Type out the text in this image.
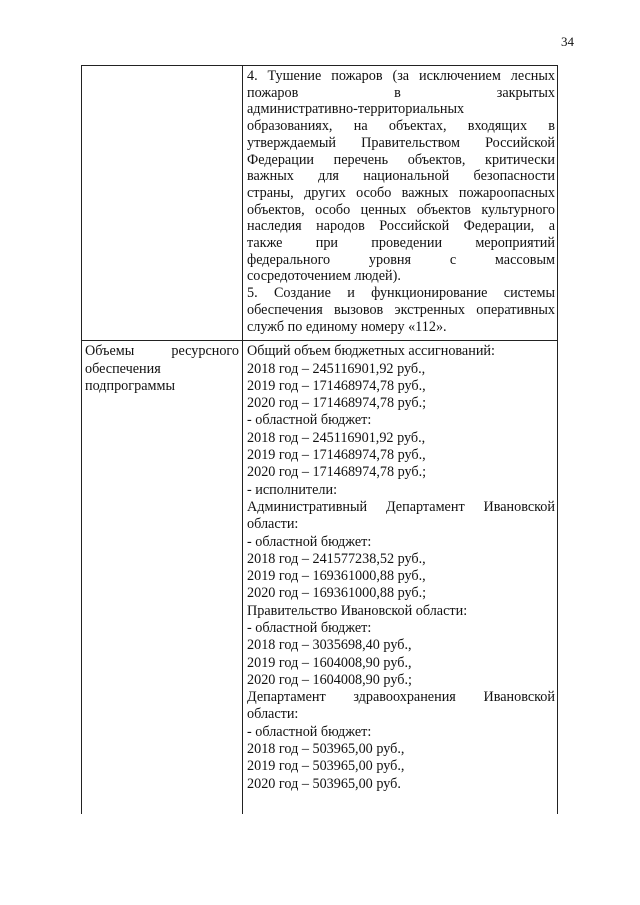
34

4. Тушение пожаров (за исключением лесных

пожаров в закрытых

административно-территориальных

образованиях, на объектах, входящих в

утверждаемый Правительством Российской

Федерации перечень объектов, критически

важных для национальной безопасности

страны, других особо важных пожароопасных

объектов, особо ценных объектов культурного

наследия народов Российской Федерации, а

также при проведении мероприятий

федерального уровня с массовым

сосредоточением людей).

5. Создание и функционирование системы

обеспечения вызовов экстренных оперативных

служб по единому номеру «112».

Объемы ресурсного
обеспечения
подпрограммы
Общий объем бюджетных ассигнований:
2018 год – 245116901,92 руб.,
2019 год – 171468974,78 руб.,
2020 год – 171468974,78 руб.;
- областной бюджет:
2018 год – 245116901,92 руб.,
2019 год – 171468974,78 руб.,
2020 год – 171468974,78 руб.;
- исполнители:
Административный Департамент Ивановской
области:
- областной бюджет:
2018 год – 241577238,52 руб.,
2019 год – 169361000,88 руб.,
2020 год – 169361000,88 руб.;
Правительство Ивановской области:
- областной бюджет:
2018 год – 3035698,40 руб.,
2019 год – 1604008,90 руб.,
2020 год – 1604008,90 руб.;
Департамент здравоохранения Ивановской
области:
- областной бюджет:
2018 год – 503965,00 руб.,
2019 год – 503965,00 руб.,
2020 год – 503965,00 руб.
